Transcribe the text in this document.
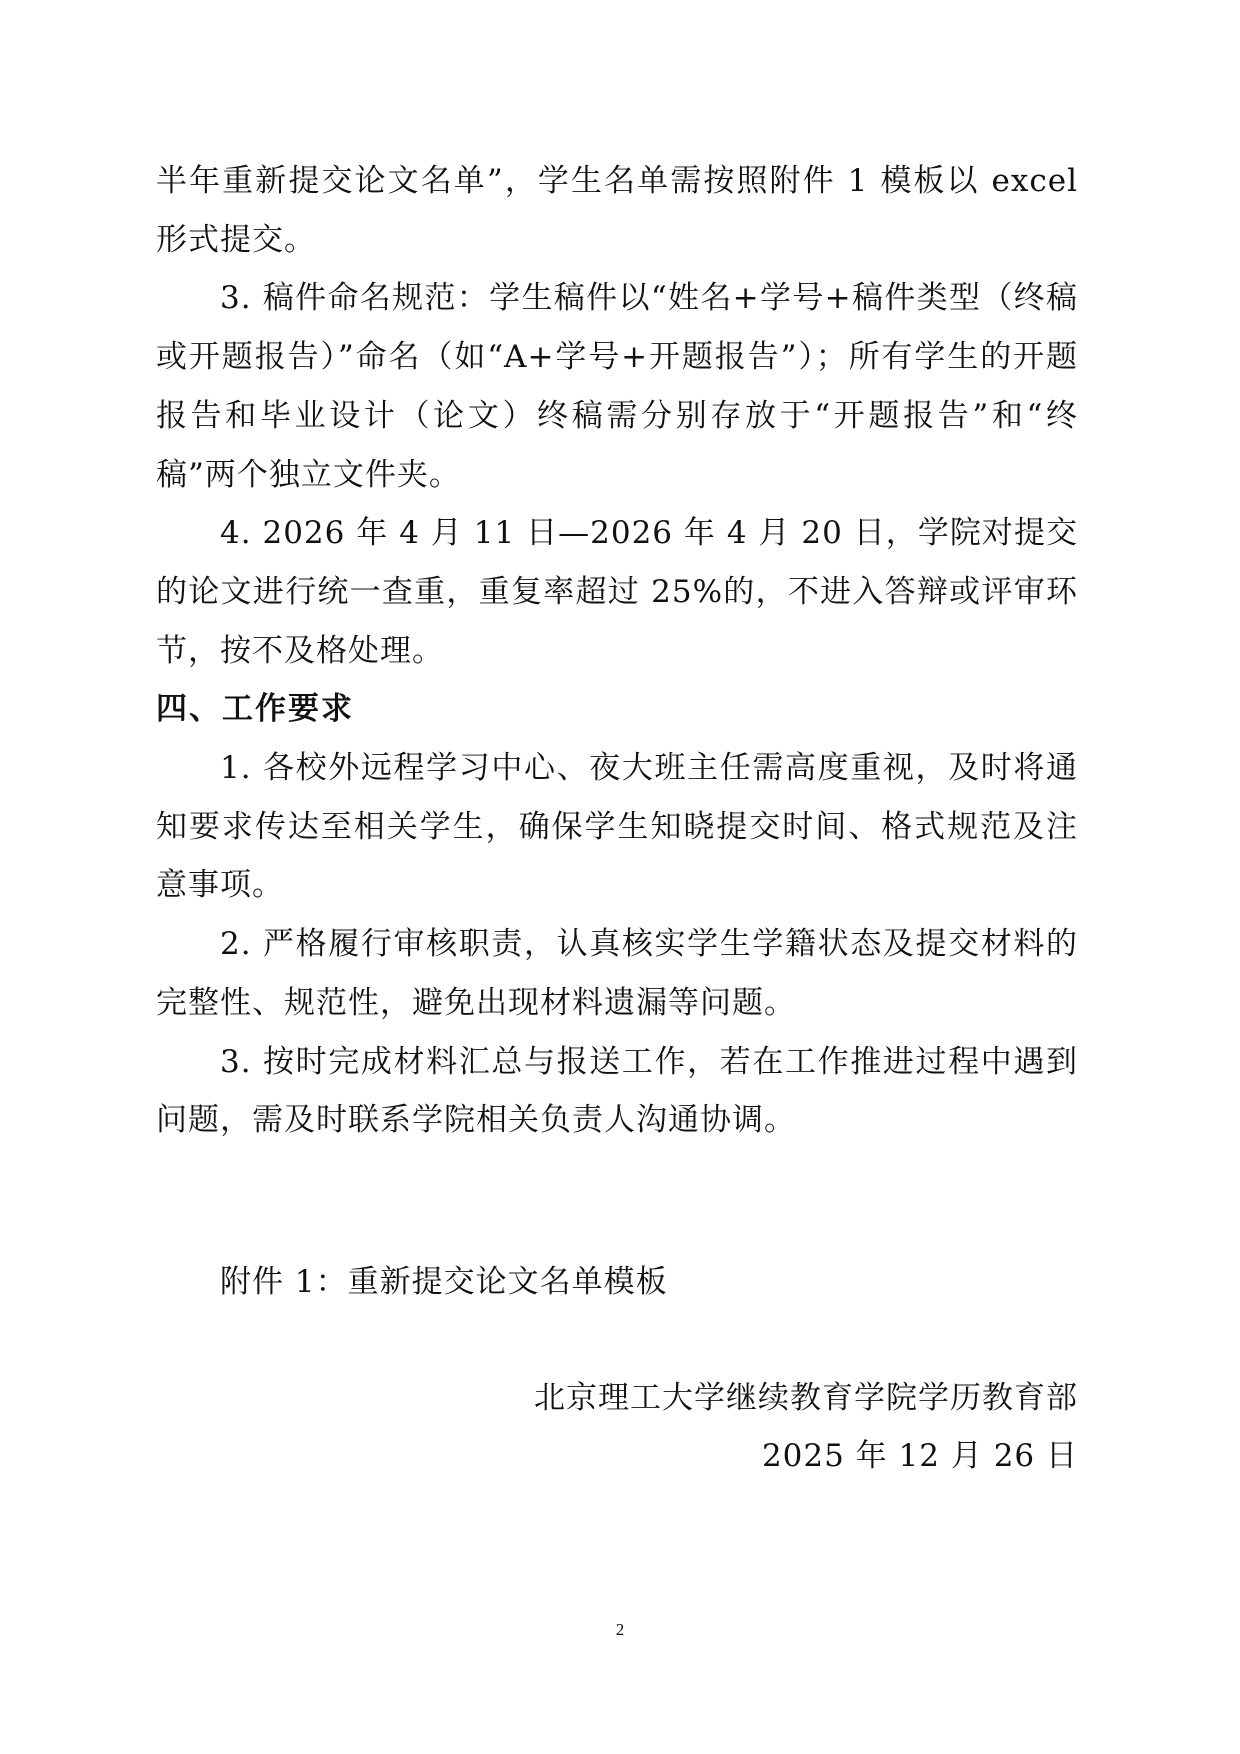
半年重新提交论文名单”，学生名单需按照附件 1 模板以 excel 形式提交。

3. 稿件命名规范：学生稿件以“姓名+学号+稿件类型（终稿或开题报告）”命名（如“A+学号+开题报告”）；所有学生的开题报告和毕业设计（论文）终稿需分别存放于“开题报告”和“终稿”两个独立文件夹。

4. 2026 年 4 月 11 日—2026 年 4 月 20 日，学院对提交的论文进行统一查重，重复率超过 25%的，不进入答辩或评审环节，按不及格处理。

四、工作要求

1. 各校外远程学习中心、夜大班主任需高度重视，及时将通知要求传达至相关学生，确保学生知晓提交时间、格式规范及注意事项。

2. 严格履行审核职责，认真核实学生学籍状态及提交材料的完整性、规范性，避免出现材料遗漏等问题。

3. 按时完成材料汇总与报送工作，若在工作推进过程中遇到问题，需及时联系学院相关负责人沟通协调。

附件 1：重新提交论文名单模板
北京理工大学继续教育学院学历教育部
2025 年 12 月 26 日
2
